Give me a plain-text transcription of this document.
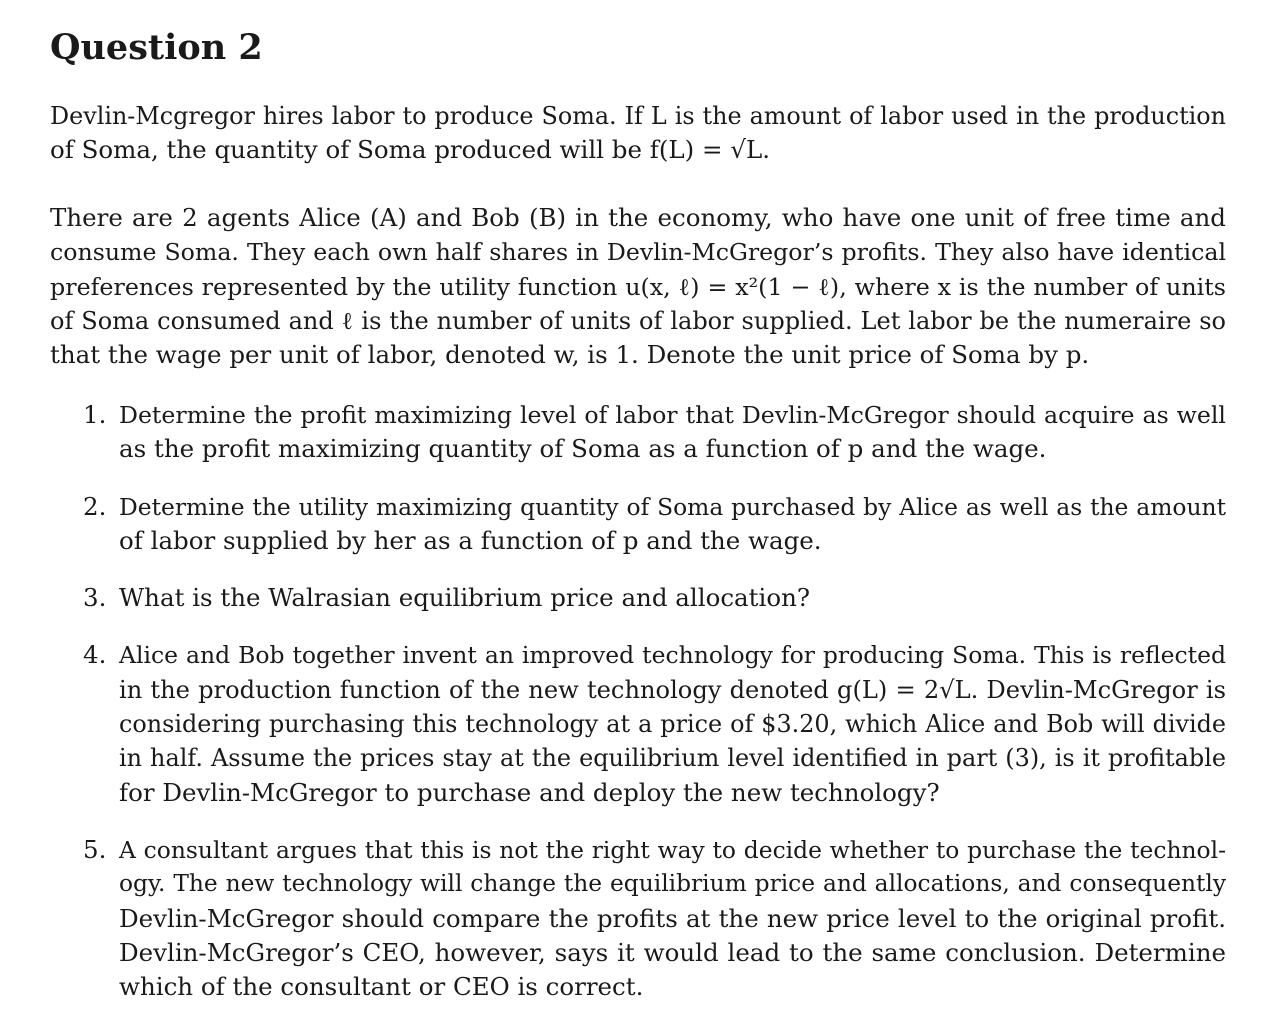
Question 2
Devlin-Mcgregor hires labor to produce Soma. If L is the amount of labor used in the production
of Soma, the quantity of Soma produced will be f(L) = √L.
There are 2 agents Alice (A) and Bob (B) in the economy, who have one unit of free time and
consume Soma. They each own half shares in Devlin-McGregor’s profits. They also have identical
preferences represented by the utility function u(x, ℓ) = x²(1 − ℓ), where x is the number of units
of Soma consumed and ℓ is the number of units of labor supplied. Let labor be the numeraire so
that the wage per unit of labor, denoted w, is 1. Denote the unit price of Soma by p.
1. Determine the profit maximizing level of labor that Devlin-McGregor should acquire as well
as the profit maximizing quantity of Soma as a function of p and the wage.
2. Determine the utility maximizing quantity of Soma purchased by Alice as well as the amount
of labor supplied by her as a function of p and the wage.
3. What is the Walrasian equilibrium price and allocation?
4. Alice and Bob together invent an improved technology for producing Soma. This is reflected
in the production function of the new technology denoted g(L) = 2√L. Devlin-McGregor is
considering purchasing this technology at a price of $3.20, which Alice and Bob will divide
in half. Assume the prices stay at the equilibrium level identified in part (3), is it profitable
for Devlin-McGregor to purchase and deploy the new technology?
5. A consultant argues that this is not the right way to decide whether to purchase the technol-
ogy. The new technology will change the equilibrium price and allocations, and consequently
Devlin-McGregor should compare the profits at the new price level to the original profit.
Devlin-McGregor’s CEO, however, says it would lead to the same conclusion. Determine
which of the consultant or CEO is correct.
